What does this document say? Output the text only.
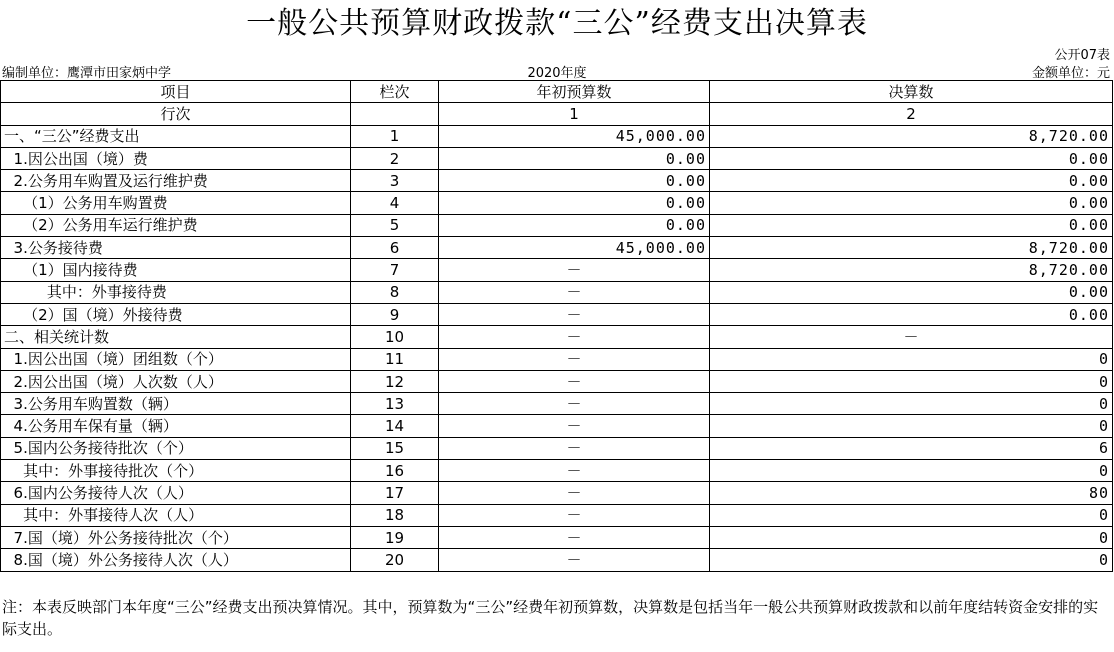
一般公共预算财政拨款“三公”经费支出决算表
公开07表
编制单位：鹰潭市田家炳中学	2020年度	金额单位：元
项目	栏次	年初预算数	决算数
行次		1	2
一、“三公”经费支出	1	45,000.00	8,720.00
1.因公出国（境）费	2	0.00	0.00
2.公务用车购置及运行维护费	3	0.00	0.00
（1）公务用车购置费	4	0.00	0.00
（2）公务用车运行维护费	5	0.00	0.00
3.公务接待费	6	45,000.00	8,720.00
（1）国内接待费	7	－	8,720.00
其中：外事接待费	8	－	0.00
（2）国（境）外接待费	9	－	0.00
二、相关统计数	10	－	－
1.因公出国（境）团组数（个）	11	－	0
2.因公出国（境）人次数（人）	12	－	0
3.公务用车购置数（辆）	13	－	0
4.公务用车保有量（辆）	14	－	0
5.国内公务接待批次（个）	15	－	6
其中：外事接待批次（个）	16	－	0
6.国内公务接待人次（人）	17	－	80
其中：外事接待人次（人）	18	－	0
7.国（境）外公务接待批次（个）	19	－	0
8.国（境）外公务接待人次（人）	20	－	0
注：本表反映部门本年度“三公”经费支出预决算情况。其中，预算数为“三公”经费年初预算数，决算数是包括当年一般公共预算财政拨款和以前年度结转资金安排的实际支出。
